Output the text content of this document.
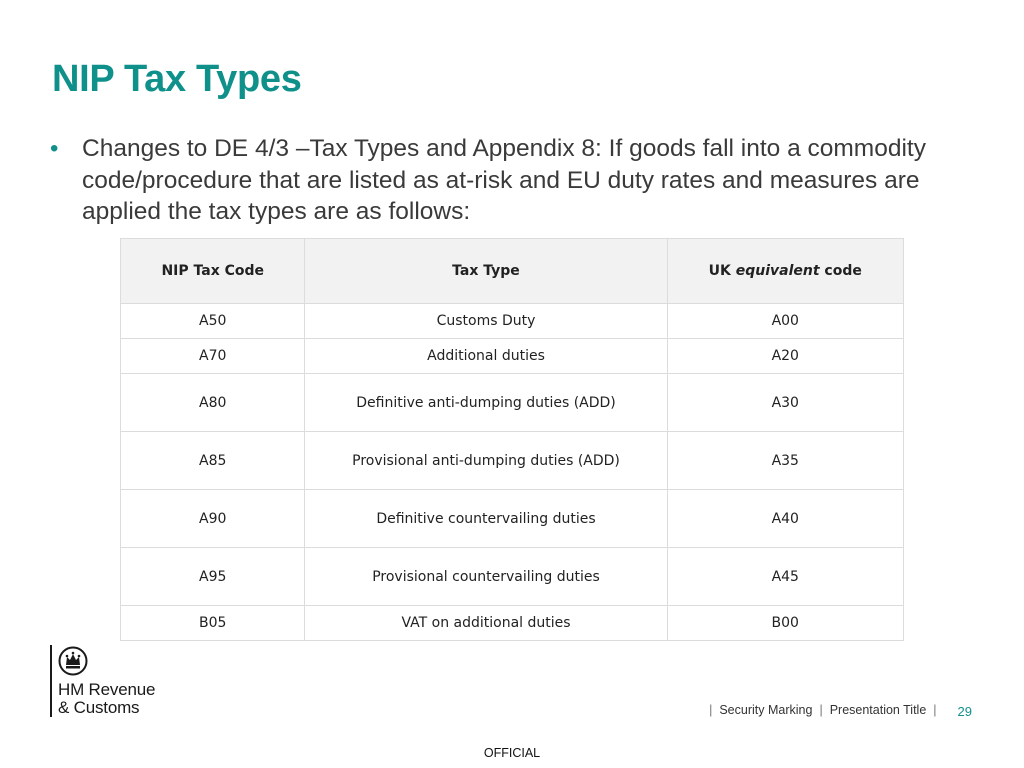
NIP Tax Types
• Changes to DE 4/3 –Tax Types and Appendix 8: If goods fall into a commodity code/procedure that are listed as at-risk and EU duty rates and measures are applied the tax types are as follows:
NIP Tax Code	Tax Type	UK equivalent code
A50	Customs Duty	A00
A70	Additional duties	A20
A80	Definitive anti-dumping duties (ADD)	A30
A85	Provisional anti-dumping duties (ADD)	A35
A90	Definitive countervailing duties	A40
A95	Provisional countervailing duties	A45
B05	VAT on additional duties	B00
HM Revenue
& Customs	| Security Marking | Presentation Title | 29
OFFICIAL
